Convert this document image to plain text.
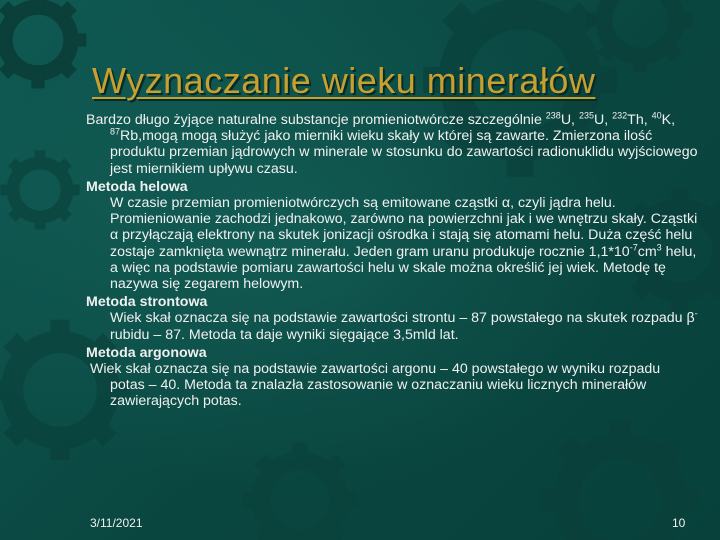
Wyznaczanie wieku minerałów

Bardzo długo żyjące naturalne substancje promieniotwórcze szczególnie $^{238}$U, $^{235}$U, $^{232}$Th, $^{40}$K, $^{87}$Rb,mogą mogą służyć jako mierniki wieku skały w której są zawarte. Zmierzona ilość produktu przemian jądrowych w minerale w stosunku do zawartości radionuklidu wyjściowego jest miernikiem upływu czasu.

Metoda helowa

W czasie przemian promieniotwórczych są emitowane cząstki α, czyli jądra helu. Promieniowanie zachodzi jednakowo, zarówno na powierzchni jak i we wnętrzu skały. Cząstki α przyłączają elektrony na skutek jonizacji ośrodka i stają się atomami helu. Duża część helu zostaje zamknięta wewnątrz minerału. Jeden gram uranu produkuje rocznie $1,1*10^{-7}cm^3$ helu, a więc na podstawie pomiaru zawartości helu w skale można określić jej wiek. Metodę tę nazywa się zegarem helowym.

Metoda strontowa

Wiek skał oznacza się na podstawie zawartości strontu – 87 powstałego na skutek rozpadu β- rubidu – 87. Metoda ta daje wyniki sięgające 3,5mld lat.

Metoda argonowa

Wiek skał oznacza się na podstawie zawartości argonu – 40 powstałego w wyniku rozpadu potas – 40. Metoda ta znalazła zastosowanie w oznaczaniu wieku licznych minerałów zawierających potas.

3/11/2021	10
